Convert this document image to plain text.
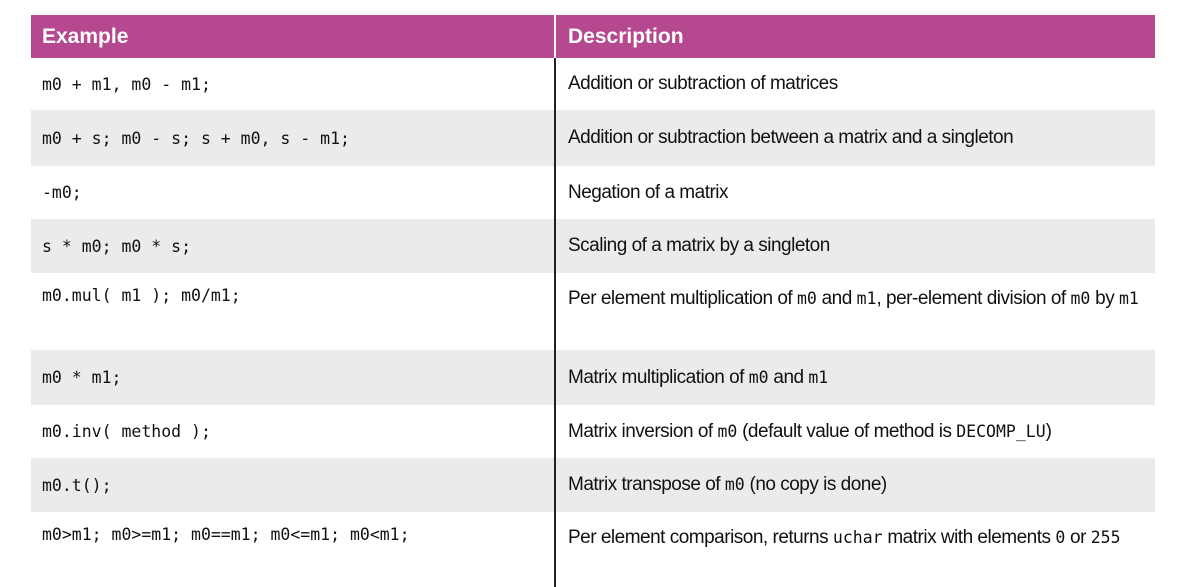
Example	Description
m0 + m1, m0 - m1;	Addition or subtraction of matrices
m0 + s; m0 - s; s + m0, s - m1;	Addition or subtraction between a matrix and a singleton
-m0;	Negation of a matrix
s * m0; m0 * s;	Scaling of a matrix by a singleton
m0.mul( m1 ); m0/m1;	Per element multiplication of m0 and m1, per-element division of m0 by m1
m0 * m1;	Matrix multiplication of m0 and m1
m0.inv( method );	Matrix inversion of m0 (default value of method is DECOMP_LU)
m0.t();	Matrix transpose of m0 (no copy is done)
m0>m1; m0>=m1; m0==m1; m0<=m1; m0<m1;	Per element comparison, returns uchar matrix with elements 0 or 255
